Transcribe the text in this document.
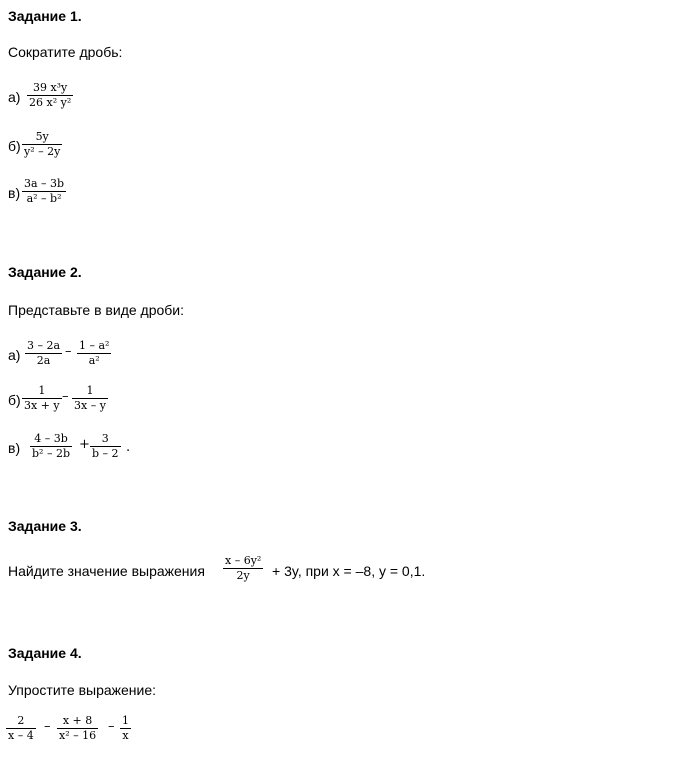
Задание 1.
Сократите дробь:
а)
39 x³y
26 x² y²
б)
5y
y² – 2y
в)
3a – 3b
a² – b²
Задание 2.
Представьте в виде дроби:
а)
3 – 2a
2a
– 1 – a²
a²
б)
1
3x + y
– 1
3x – y
в)
4 – 3b
b² – 2b
+ 3
b – 2 .
Задание 3.
Найдите значение выражения
x – 6y²
2y + 3y, при x = –8, y = 0,1.
Задание 4.
Упростите выражение:
2
x – 4
– x + 8
x² – 16
– 1
x
